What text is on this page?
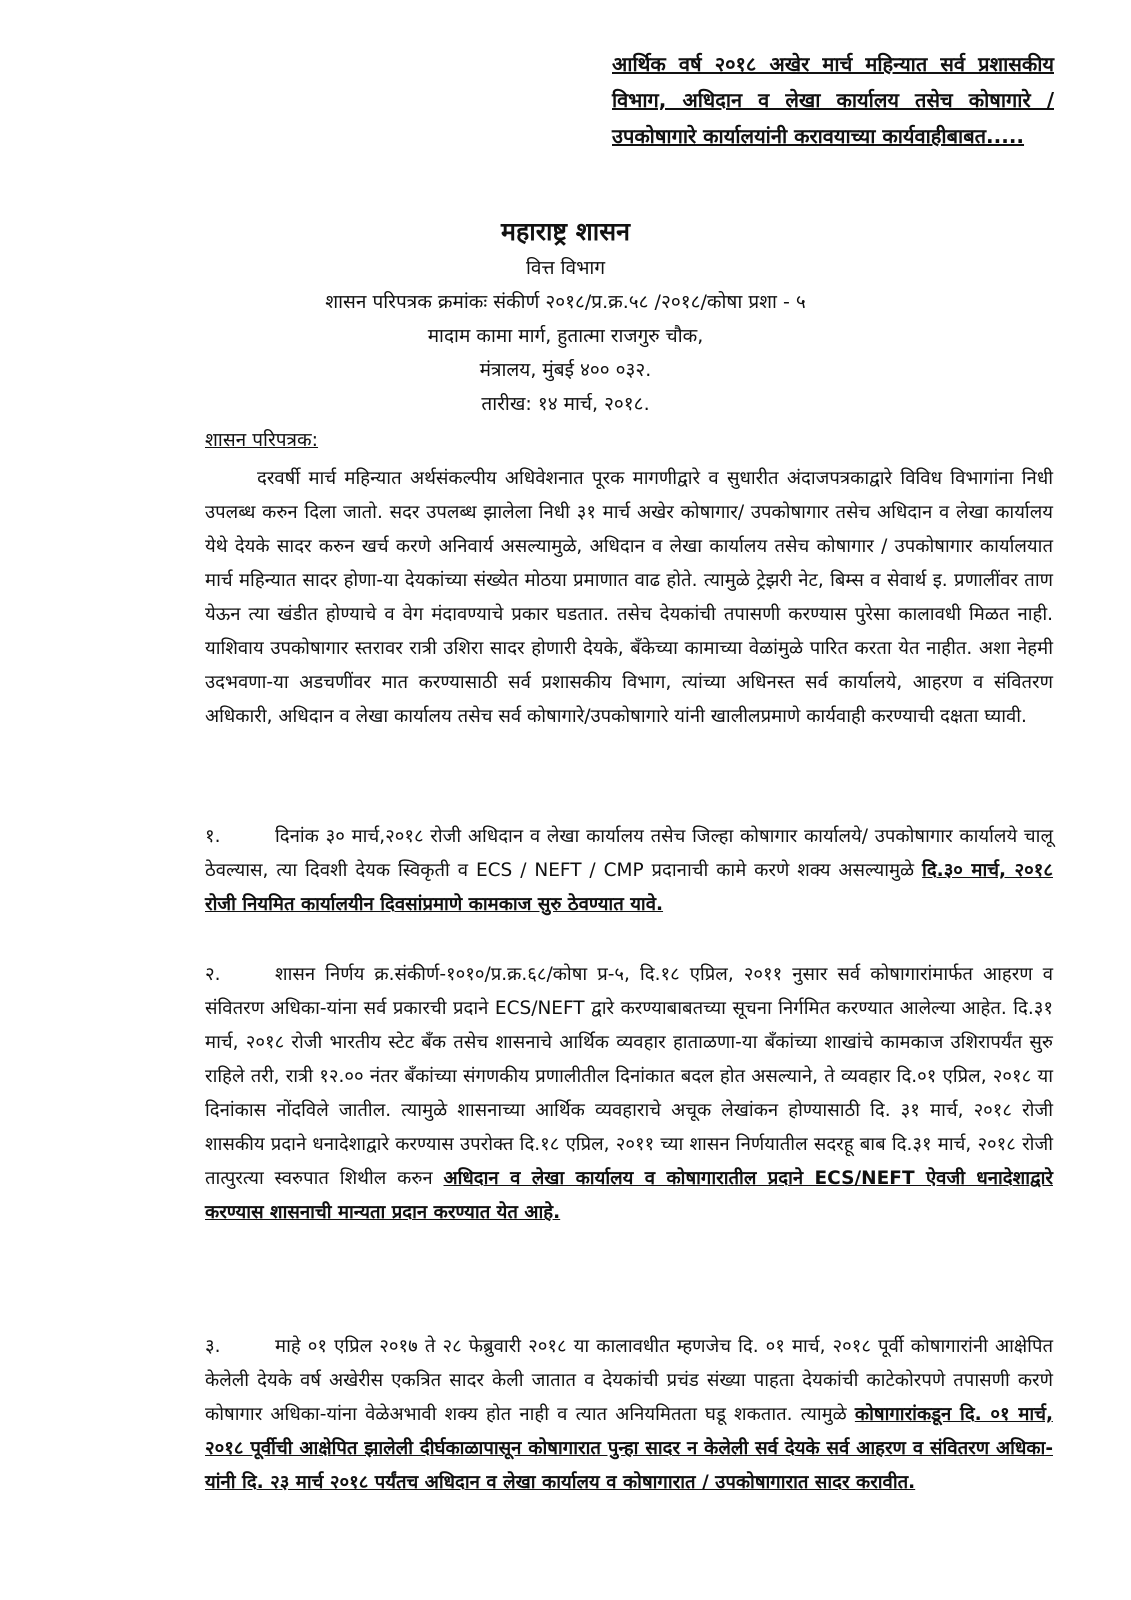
आर्थिक वर्ष २०१८ अखेर मार्च महिन्यात सर्व प्रशासकीय विभाग, अधिदान व लेखा कार्यालय तसेच कोषागारे / उपकोषागारे कार्यालयांनी करावयाच्या कार्यवाहीबाबत.....
महाराष्ट्र शासन
वित्त विभाग
शासन परिपत्रक क्रमांकः संकीर्ण २०१८/प्र.क्र.५८ /२०१८/कोषा प्रशा - ५
मादाम कामा मार्ग, हुतात्मा राजगुरु चौक,
मंत्रालय, मुंबई ४०० ०३२.
तारीख: १४ मार्च, २०१८.
शासन परिपत्रक:
दरवर्षी मार्च महिन्यात अर्थसंकल्पीय अधिवेशनात पूरक मागणीद्वारे व सुधारीत अंदाजपत्रकाद्वारे विविध विभागांना निधी उपलब्ध करुन दिला जातो. सदर उपलब्ध झालेला निधी ३१ मार्च अखेर कोषागार/ उपकोषागार तसेच अधिदान व लेखा कार्यालय येथे देयके सादर करुन खर्च करणे अनिवार्य असल्यामुळे, अधिदान व लेखा कार्यालय तसेच कोषागार / उपकोषागार कार्यालयात मार्च महिन्यात सादर होणा-या देयकांच्या संख्येत मोठया प्रमाणात वाढ होते. त्यामुळे ट्रेझरी नेट, बिम्स व सेवार्थ इ. प्रणालींवर ताण येऊन त्या खंडीत होण्याचे व वेग मंदावण्याचे प्रकार घडतात. तसेच देयकांची तपासणी करण्यास पुरेसा कालावधी मिळत नाही. याशिवाय उपकोषागार स्तरावर रात्री उशिरा सादर होणारी देयके, बँकेच्या कामाच्या वेळांमुळे पारित करता येत नाहीत. अशा नेहमी उदभवणा-या अडचणींवर मात करण्यासाठी सर्व प्रशासकीय विभाग, त्यांच्या अधिनस्त सर्व कार्यालये, आहरण व संवितरण अधिकारी, अधिदान व लेखा कार्यालय तसेच सर्व कोषागारे/उपकोषागारे यांनी खालीलप्रमाणे कार्यवाही करण्याची दक्षता घ्यावी.
१.	दिनांक ३० मार्च,२०१८ रोजी अधिदान व लेखा कार्यालय तसेच जिल्हा कोषागार कार्यालये/ उपकोषागार कार्यालये चालू ठेवल्यास, त्या दिवशी देयक स्विकृती व ECS / NEFT / CMP प्रदानाची कामे करणे शक्य असल्यामुळे दि.३० मार्च, २०१८ रोजी नियमित कार्यालयीन दिवसांप्रमाणे कामकाज सुरु ठेवण्यात यावे.
२.	शासन निर्णय क्र.संकीर्ण-१०१०/प्र.क्र.६८/कोषा प्र-५, दि.१८ एप्रिल, २०११ नुसार सर्व कोषागारांमार्फत आहरण व संवितरण अधिका-यांना सर्व प्रकारची प्रदाने ECS/NEFT द्वारे करण्याबाबतच्या सूचना निर्गमित करण्यात आलेल्या आहेत. दि.३१ मार्च, २०१८ रोजी भारतीय स्टेट बँक तसेच शासनाचे आर्थिक व्यवहार हाताळणा-या बँकांच्या शाखांचे कामकाज उशिरापर्यंत सुरु राहिले तरी, रात्री १२.०० नंतर बँकांच्या संगणकीय प्रणालीतील दिनांकात बदल होत असल्याने, ते व्यवहार दि.०१ एप्रिल, २०१८ या दिनांकास नोंदविले जातील. त्यामुळे शासनाच्या आर्थिक व्यवहाराचे अचूक लेखांकन होण्यासाठी दि. ३१ मार्च, २०१८ रोजी शासकीय प्रदाने धनादेशाद्वारे करण्यास उपरोक्त दि.१८ एप्रिल, २०११ च्या शासन निर्णयातील सदरहू बाब दि.३१ मार्च, २०१८ रोजी तात्पुरत्या स्वरुपात शिथील करुन अधिदान व लेखा कार्यालय व कोषागारातील प्रदाने ECS/NEFT ऐवजी धनादेशाद्वारे करण्यास शासनाची मान्यता प्रदान करण्यात येत आहे.
३.	माहे ०१ एप्रिल २०१७ ते २८ फेब्रुवारी २०१८ या कालावधीत म्हणजेच दि. ०१ मार्च, २०१८ पूर्वी कोषागारांनी आक्षेपित केलेली देयके वर्ष अखेरीस एकत्रित सादर केली जातात व देयकांची प्रचंड संख्या पाहता देयकांची काटेकोरपणे तपासणी करणे कोषागार अधिका-यांना वेळेअभावी शक्य होत नाही व त्यात अनियमितता घडू शकतात. त्यामुळे कोषागारांकडून दि. ०१ मार्च, २०१८ पूर्वीची आक्षेपित झालेली दीर्घकाळापासून कोषागारात पुन्हा सादर न केलेली सर्व देयके सर्व आहरण व संवितरण अधिका-यांनी दि. २३ मार्च २०१८ पर्यंतच अधिदान व लेखा कार्यालय व कोषागारात / उपकोषागारात सादर करावीत.
